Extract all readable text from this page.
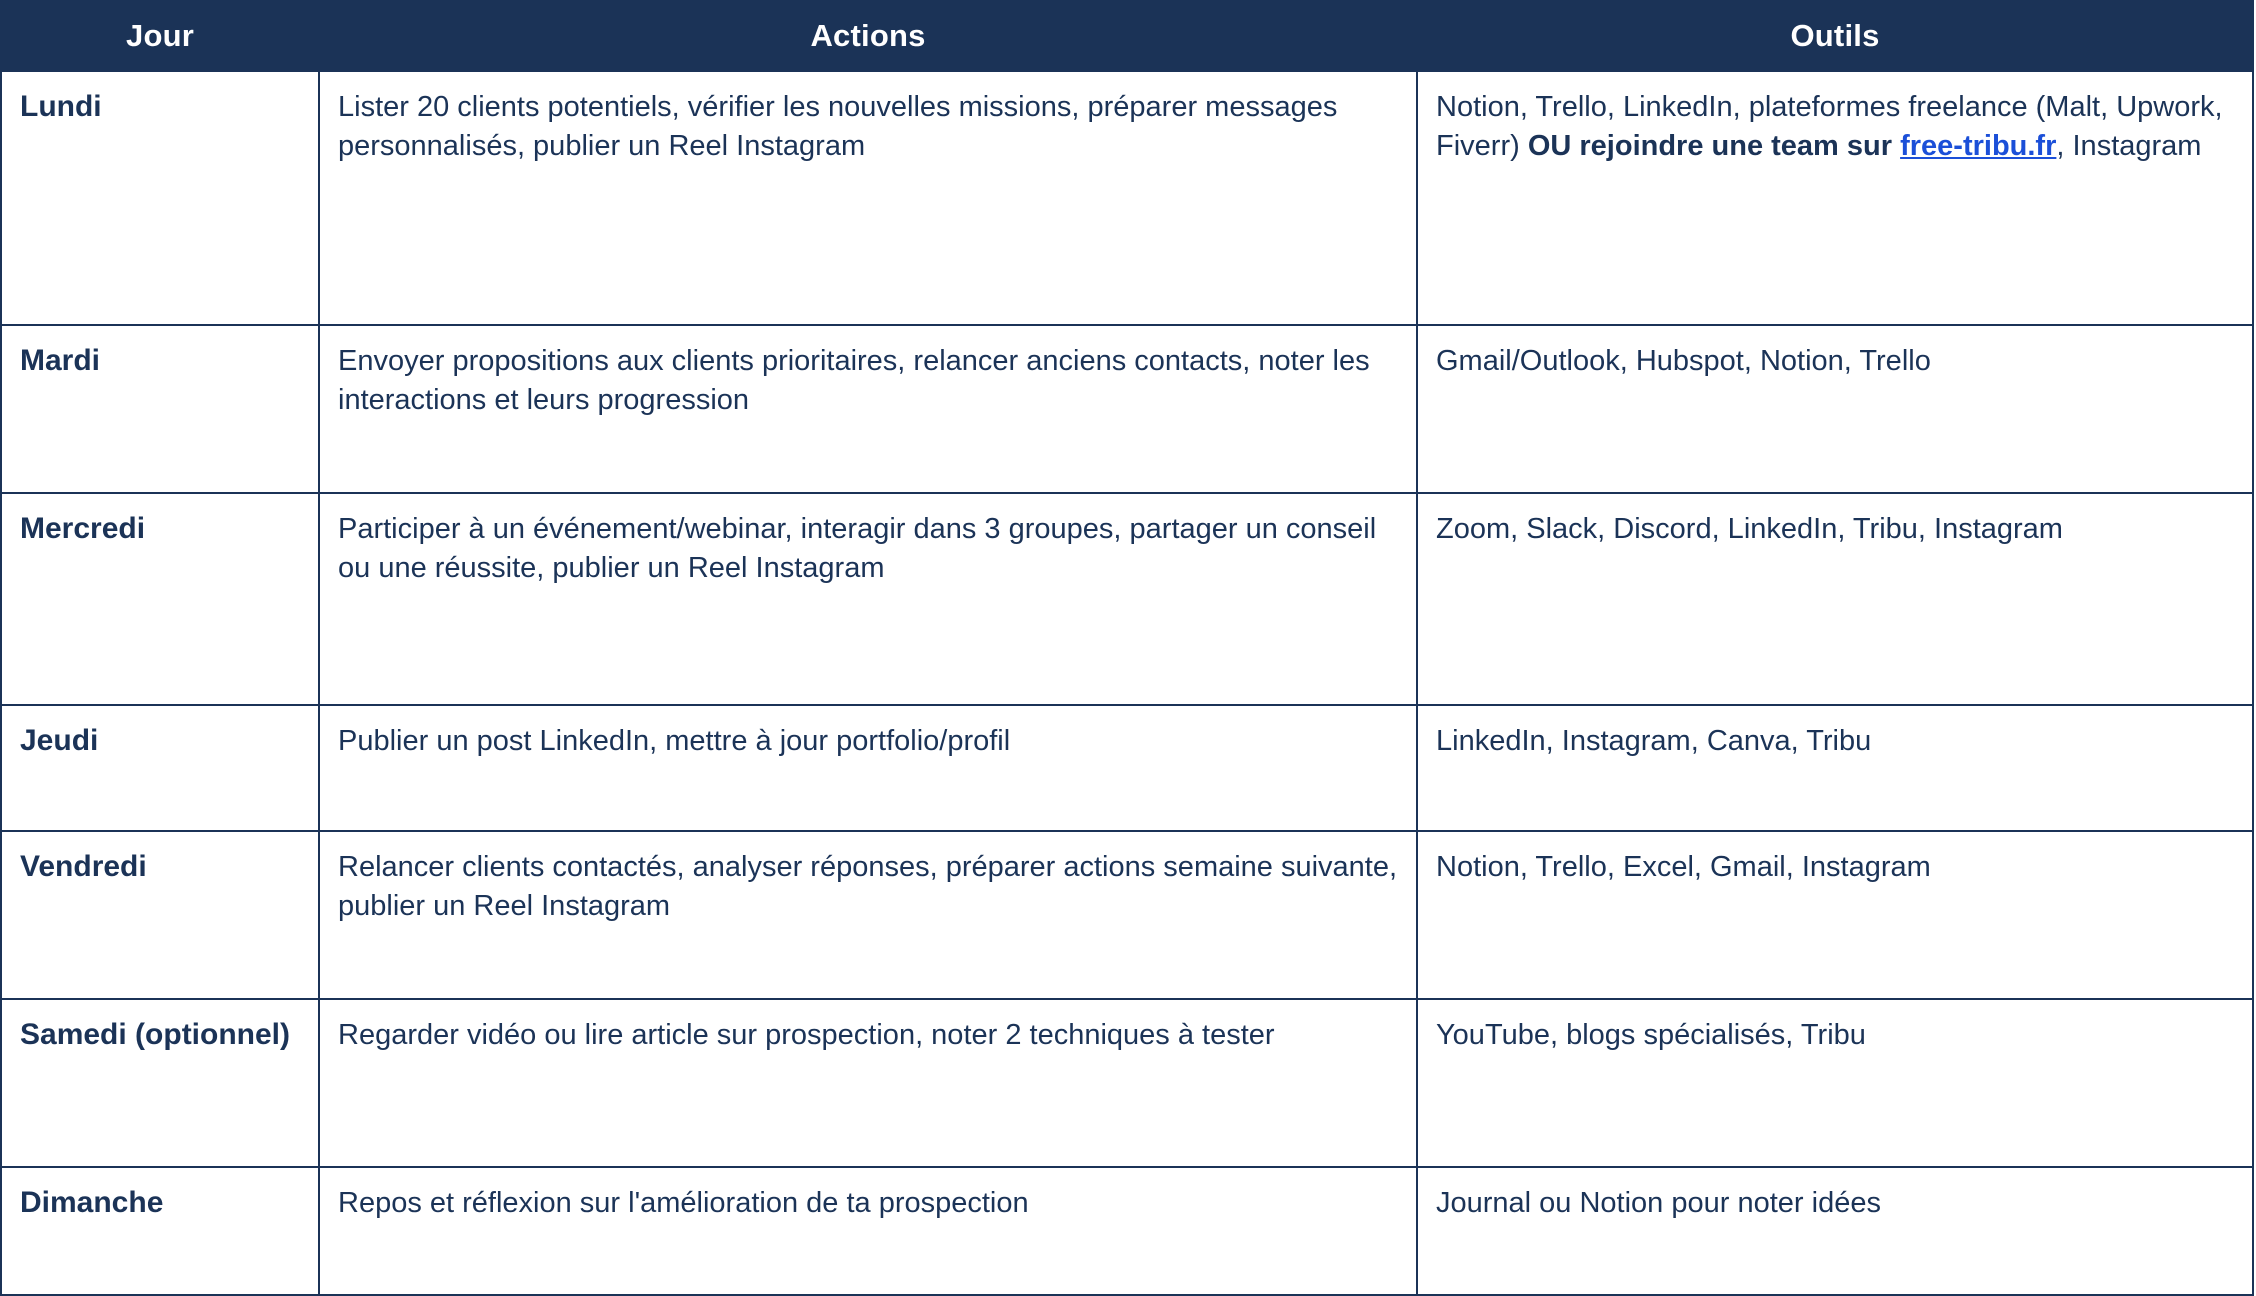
Jour	Actions	Outils
Lundi	Lister 20 clients potentiels, vérifier les nouvelles missions, préparer messages personnalisés, publier un Reel Instagram	Notion, Trello, LinkedIn, plateformes freelance (Malt, Upwork, Fiverr) OU rejoindre une team sur free-tribu.fr, Instagram
Mardi	Envoyer propositions aux clients prioritaires, relancer anciens contacts, noter les interactions et leurs progression	Gmail/Outlook, Hubspot, Notion, Trello
Mercredi	Participer à un événement/webinar, interagir dans 3 groupes, partager un conseil ou une réussite, publier un Reel Instagram	Zoom, Slack, Discord, LinkedIn, Tribu, Instagram
Jeudi	Publier un post LinkedIn, mettre à jour portfolio/profil	LinkedIn, Instagram, Canva, Tribu
Vendredi	Relancer clients contactés, analyser réponses, préparer actions semaine suivante, publier un Reel Instagram	Notion, Trello, Excel, Gmail, Instagram
Samedi (optionnel)	Regarder vidéo ou lire article sur prospection, noter 2 techniques à tester	YouTube, blogs spécialisés, Tribu
Dimanche	Repos et réflexion sur l'amélioration de ta prospection	Journal ou Notion pour noter idées
